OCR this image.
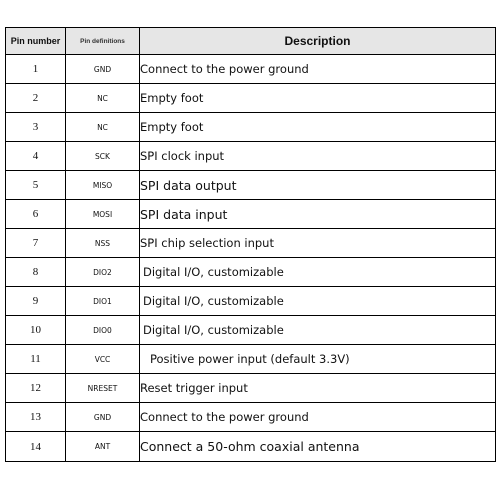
Pin number	Pin definitions	Description
1	GND	Connect to the power ground
2	NC	Empty foot
3	NC	Empty foot
4	SCK	SPI clock input
5	MISO	SPI data output
6	MOSI	SPI data input
7	NSS	SPI chip selection input
8	DIO2	Digital I/O, customizable
9	DIO1	Digital I/O, customizable
10	DIO0	Digital I/O, customizable
11	VCC	Positive power input (default 3.3V)
12	NRESET	Reset trigger input
13	GND	Connect to the power ground
14	ANT	Connect a 50-ohm coaxial antenna
